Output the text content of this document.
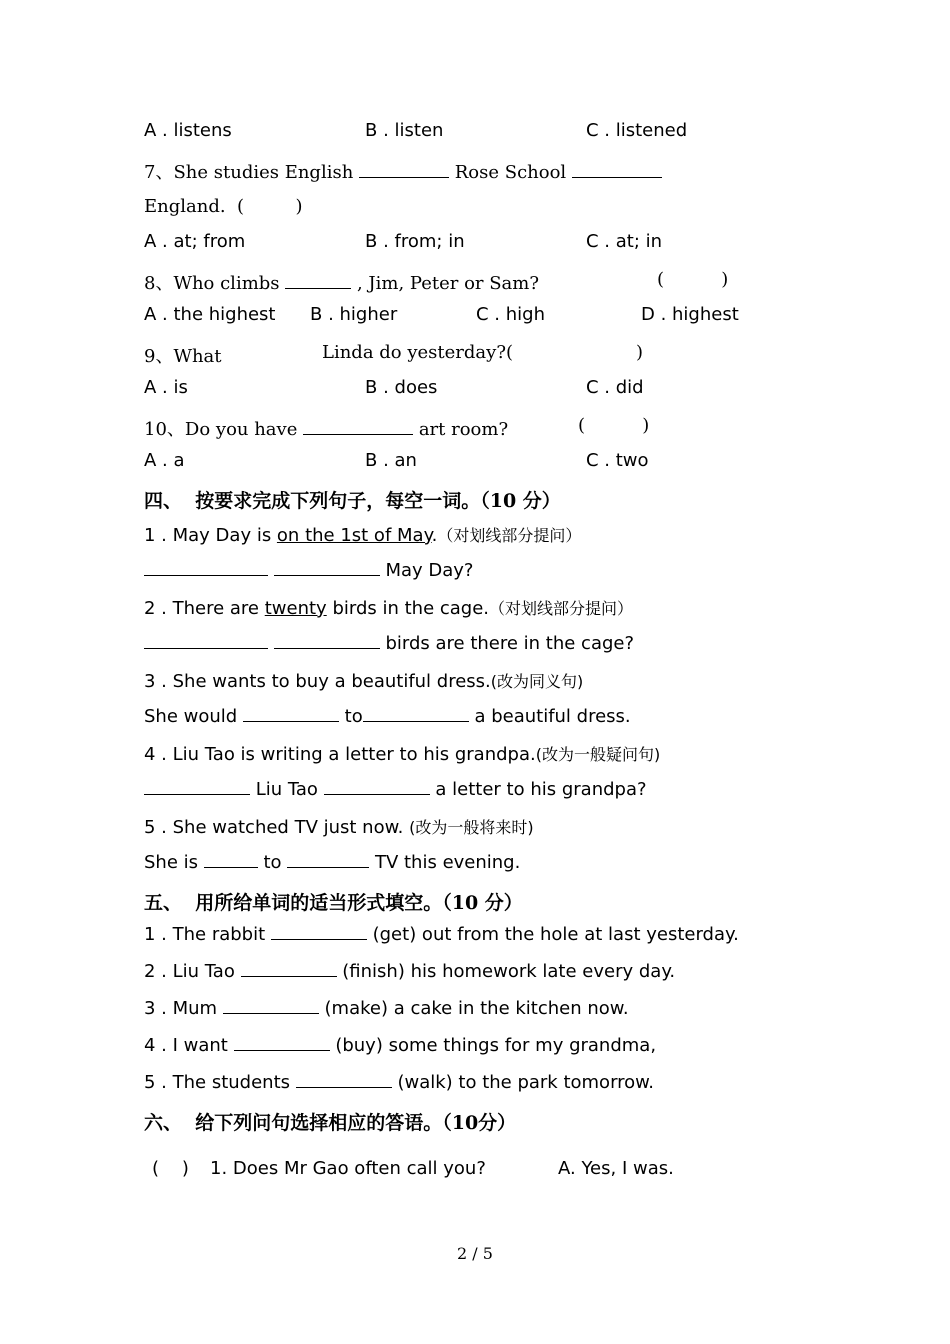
A . listens	B . listen	C . listened
7、She studies English	Rose School
England.  (         )
A . at; from	B . from; in	C . at; in
8、Who climbs	, Jim, Peter or Sam?	(          )
A . the highest B . higher	C . high	D . highest
9、What	Linda do yesterday?(	)
A . is	B . does	C . did
10、Do you have	art room?	(          )
A . a	B . an	C . two
四、  按要求完成下列句子，每空一词。（10 分）
1 . May Day is on the 1st of May.（对划线部分提问）
May Day?
2 . There are twenty birds in the cage.（对划线部分提问）
birds are there in the cage?
3 . She wants to buy a beautiful dress.(改为同义句)
She would	to	a beautiful dress.
4 . Liu Tao is writing a letter to his grandpa.(改为一般疑问句)
Liu Tao	a letter to his grandpa?
5 . She watched TV just now. (改为一般将来时)
She is	to	TV this evening.
五、  用所给单词的适当形式填空。（10 分）
1 . The rabbit	(get) out from the hole at last yesterday.
2 . Liu Tao	(finish) his homework late every day.
3 . Mum	(make) a cake in the kitchen now.
4 . I want	(buy) some things for my grandma,
5 . The students	(walk) to the park tomorrow.
六、  给下列问句选择相应的答语。（10分）
(    ) 1. Does Mr Gao often call you?	A. Yes, I was.
2 / 5
